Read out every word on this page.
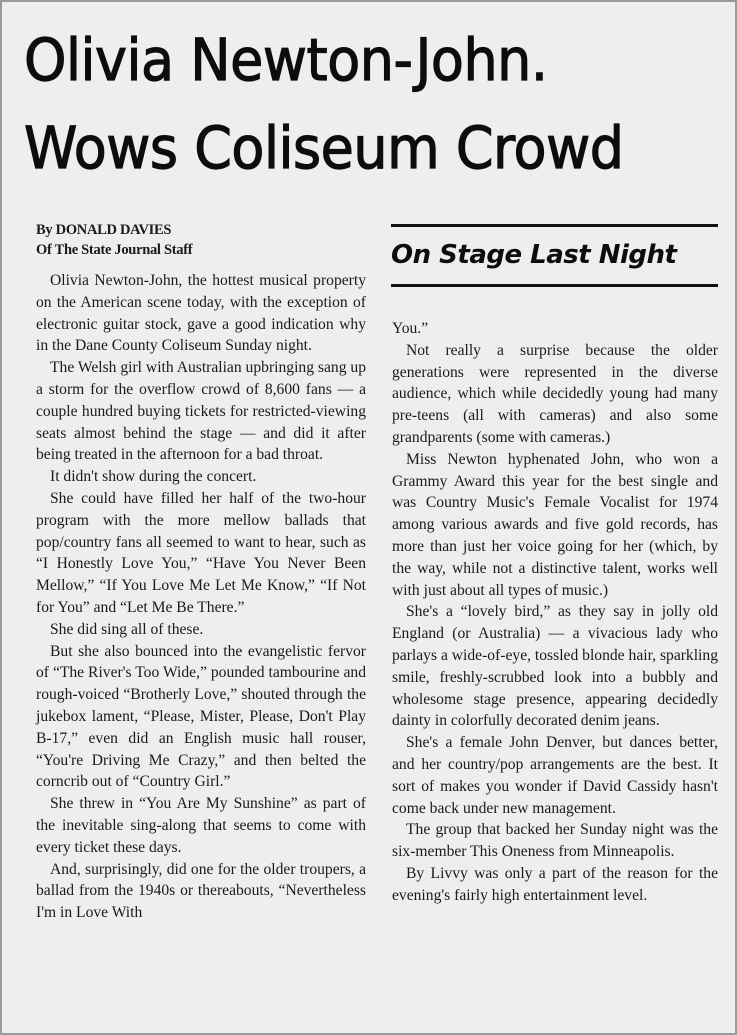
Olivia Newton-John.
Wows Coliseum Crowd
By DONALD DAVIES
Of The State Journal Staff

Olivia Newton-John, the hottest musical property on the American scene today, with the exception of electronic guitar stock, gave a good indication why in the Dane County Coliseum Sunday night.

The Welsh girl with Australian upbringing sang up a storm for the overflow crowd of 8,600 fans — a couple hundred buying tickets for restricted-viewing seats almost behind the stage — and did it after being treated in the afternoon for a bad throat.

It didn't show during the concert.

She could have filled her half of the two-hour program with the more mellow ballads that pop/country fans all seemed to want to hear, such as “I Honestly Love You,” “Have You Never Been Mellow,” “If You Love Me Let Me Know,” “If Not for You” and “Let Me Be There.”

She did sing all of these.

But she also bounced into the evangelistic fervor of “The River's Too Wide,” pounded tambourine and rough-voiced “Brotherly Love,” shouted through the jukebox lament, “Please, Mister, Please, Don't Play B-17,” even did an English music hall rouser, “You're Driving Me Crazy,” and then belted the corncrib out of “Country Girl.”

She threw in “You Are My Sunshine” as part of the inevitable sing-along that seems to come with every ticket these days.

And, surprisingly, did one for the older troupers, a ballad from the 1940s or thereabouts, “Nevertheless I'm in Love With

On Stage Last Night

You.”

Not really a surprise because the older generations were represented in the diverse audience, which while decidedly young had many pre-teens (all with cameras) and also some grandparents (some with cameras.)

Miss Newton hyphenated John, who won a Grammy Award this year for the best single and was Country Music's Female Vocalist for 1974 among various awards and five gold records, has more than just her voice going for her (which, by the way, while not a distinctive talent, works well with just about all types of music.)

She's a “lovely bird,” as they say in jolly old England (or Australia) — a vivacious lady who parlays a wide-of-eye, tossled blonde hair, sparkling smile, freshly-scrubbed look into a bubbly and wholesome stage presence, appearing decidedly dainty in colorfully decorated denim jeans.

She's a female John Denver, but dances better, and her country/pop arrangements are the best. It sort of makes you wonder if David Cassidy hasn't come back under new management.

The group that backed her Sunday night was the six-member This Oneness from Minneapolis.

By Livvy was only a part of the reason for the evening's fairly high entertainment level.
